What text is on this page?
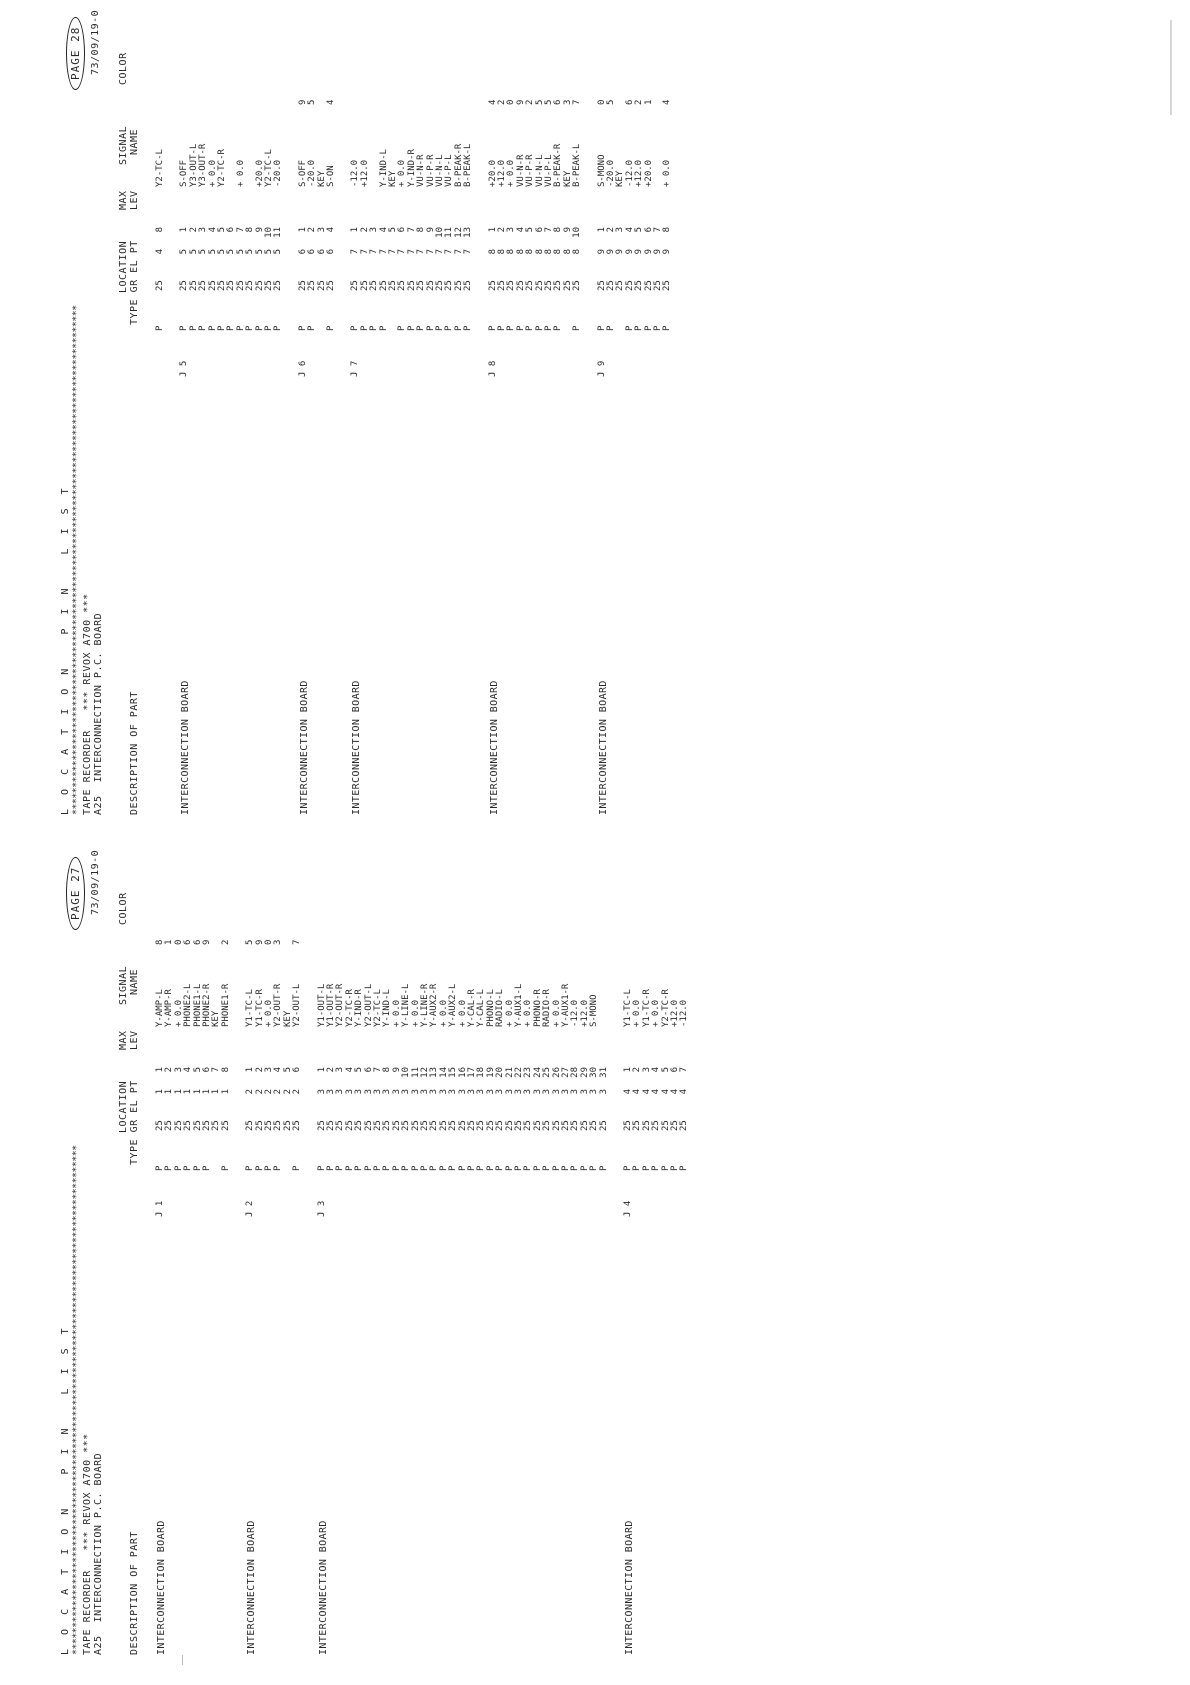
L O C A T I O N   P I N   L I S T ********************************************************************************************** TAPE RECORDER   *** REVOX A700 *** A25  INTERCONNECTION P.C. BOARD
PAGE 27 73/09/19-0
LOCATION
MAX
SIGNAL
COLOR
DESCRIPTION OF PART
TYPE GR EL PT
LEV
NAME
INTERCONNECTION BOARD
J 1
P
25
1
1
Y-AMP-L
8
P
25
1
2
Y-AMP-R
1
P
25
1
3
+ 0.0
0
P
25
1
4
PHONE2-L
6
P
25
1
5
PHONE1-L
6
P
25
1
6
PHONE2-R
9
25
1
7
KEY
P
25
1
8
PHONE1-R
2
INTERCONNECTION BOARD
J 2
P
25
2
1
Y1-TC-L
5
P
25
2
2
Y1-TC-R
9
P
25
2
3
+ 0.0
0
P
25
2
4
Y2-OUT-R
3
25
2
5
KEY
P
25
2
6
Y2-OUT-L
7
INTERCONNECTION BOARD
J 3
P
25
3
1
Y1-OUT-L
P
25
3
2
Y1-OUT-R
P
25
3
3
Y2-OUT-R
P
25
3
4
Y2-TC-R
P
25
3
5
Y-IND-R
P
25
3
6
Y2-OUT-L
P
25
3
7
Y2-TC-L
P
25
3
8
Y-IND-L
P
25
3
9
+ 0.0
P
25
3
10
Y-LINE-L
P
25
3
11
+ 0.0
P
25
3
12
Y-LINE-R
P
25
3
13
Y-AUX2-R
P
25
3
14
+ 0.0
P
25
3
15
Y-AUX2-L
P
25
3
16
+ 0.0
P
25
3
17
Y-CAL-R
P
25
3
18
Y-CAL-L
P
25
3
19
PHONO-L
P
25
3
20
RADIO-L
P
25
3
21
+ 0.0
P
25
3
22
Y-AUX1-L
P
25
3
23
+ 0.0
P
25
3
24
PHONO-R
P
25
3
25
RADIO-R
P
25
3
26
+ 0.0
P
25
3
27
Y-AUX1-R
P
25
3
28
-12.0
P
25
3
29
+12.0
P
25
3
30
S-MONO
P
25
3
31
INTERCONNECTION BOARD
J 4
P
25
4
1
Y1-TC-L
P
25
4
2
+ 0.0
P
25
4
3
Y1-TC-R
P
25
4
4
+ 0.0
P
25
4
5
Y2-TC-R
P
25
4
6
+12.0
P
25
4
7
-12.0
L O C A T I O N   P I N   L I S T ********************************************************************************************** TAPE RECORDER   *** REVOX A700 *** A25  INTERCONNECTION P.C. BOARD
PAGE 28 73/09/19-0
LOCATION
MAX
SIGNAL
COLOR
DESCRIPTION OF PART
TYPE GR EL PT
LEV
NAME
P
25
4
8
Y2-TC-L
INTERCONNECTION BOARD
J 5
P
25
5
1
S-OFF
P
25
5
2
Y3-OUT-L
P
25
5
3
Y3-OUT-R
P
25
5
4
+ 0.0
P
25
5
5
Y2-TC-R
P
25
5
6
P
25
5
7
+ 0.0
P
25
5
8
P
25
5
9
+20.0
P
25
5
10
Y2-TC-L
P
25
5
11
-20.0
INTERCONNECTION BOARD
J 6
P
25
6
1
S-OFF
9
P
25
6
2
-20.0
5
25
6
3
KEY
P
25
6
4
S-ON
4
INTERCONNECTION BOARD
J 7
P
25
7
1
-12.0
P
25
7
2
+12.0
P
25
7
3
P
25
7
4
Y-IND-L
25
7
5
KEY
P
25
7
6
+ 0.0
P
25
7
7
Y-IND-R
P
25
7
8
VU-N-R
P
25
7
9
VU-P-R
P
25
7
10
VU-N-L
P
25
7
11
VU-P-L
P
25
7
12
B-PEAK-R
P
25
7
13
B-PEAK-L
INTERCONNECTION BOARD
J 8
P
25
8
1
+20.0
4
P
25
8
2
+12.0
2
P
25
8
3
+ 0.0
0
P
25
8
4
VU-N-R
9
P
25
8
5
VU-P-R
2
P
25
8
6
VU-N-L
5
P
25
8
7
VU-P-L
5
P
25
8
8
B-PEAK-R
6
25
8
9
KEY
3
P
25
8
10
B-PEAK-L
7
INTERCONNECTION BOARD
J 9
P
25
9
1
S-MONO
0
P
25
9
2
-20.0
5
25
9
3
KEY
P
25
9
4
-12.0
6
P
25
9
5
+12.0
2
P
25
9
6
+20.0
1
P
25
9
7
P
25
9
8
+ 0.0
4
